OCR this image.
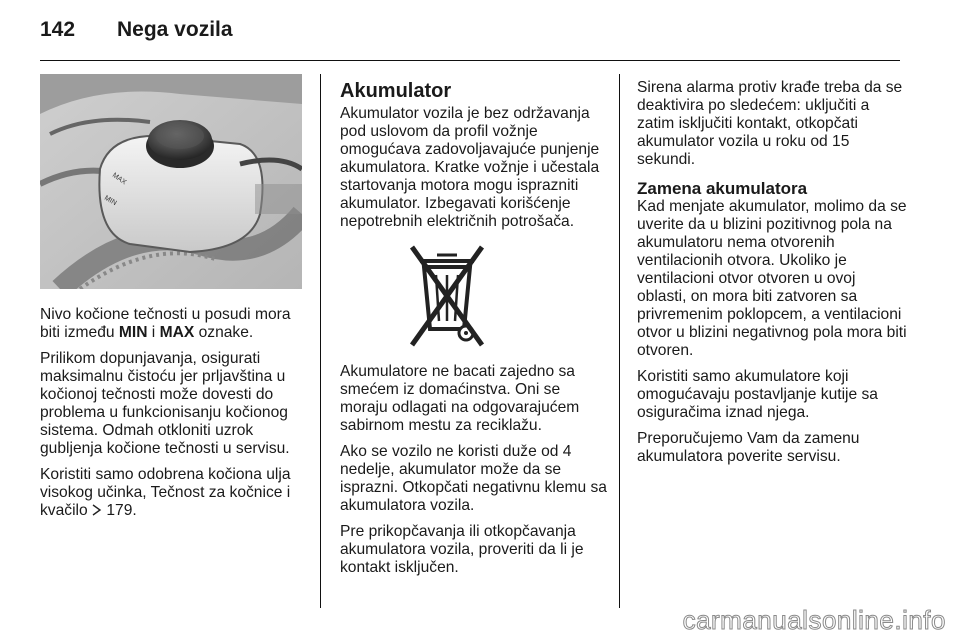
142 Nega vozila
MAX
MIN

Nivo kočione tečnosti u posudi mora biti između MIN i MAX oznake.

Prilikom dopunjavanja, osigurati maksimalnu čistoću jer prljavština u kočionoj tečnosti može dovesti do problema u funkcionisanju kočionog sistema. Odmah otkloniti uzrok gubljenja kočione tečnosti u servisu.

Koristiti samo odobrena kočiona ulja visokog učinka, Tečnost za kočnice i kvačilo  179.

Akumulator

Akumulator vozila je bez održavanja pod uslovom da profil vožnje omogućava zadovoljavajuće punjenje akumulatora. Kratke vožnje i učestala startovanja motora mogu isprazniti akumulator. Izbegavati korišćenje nepotrebnih električnih potrošača.

Akumulatore ne bacati zajedno sa smećem iz domaćinstva. Oni se moraju odlagati na odgovarajućem sabirnom mestu za reciklažu.

Ako se vozilo ne koristi duže od 4 nedelje, akumulator može da se isprazni. Otkopčati negativnu klemu sa akumulatora vozila.

Pre prikopčavanja ili otkopčavanja akumulatora vozila, proveriti da li je kontakt isključen.

Sirena alarma protiv krađe treba da se deaktivira po sledećem: uključiti a zatim isključiti kontakt, otkopčati akumulator vozila u roku od 15 sekundi.

Zamena akumulatora

Kad menjate akumulator, molimo da se uverite da u blizini pozitivnog pola na akumulatoru nema otvorenih ventilacionih otvora. Ukoliko je ventilacioni otvor otvoren u ovoj oblasti, on mora biti zatvoren sa privremenim poklopcem, a ventilacioni otvor u blizini negativnog pola mora biti otvoren.

Koristiti samo akumulatore koji omogućavaju postavljanje kutije sa osiguračima iznad njega.

Preporučujemo Vam da zamenu akumulatora poverite servisu.

carmanualsonline.info
